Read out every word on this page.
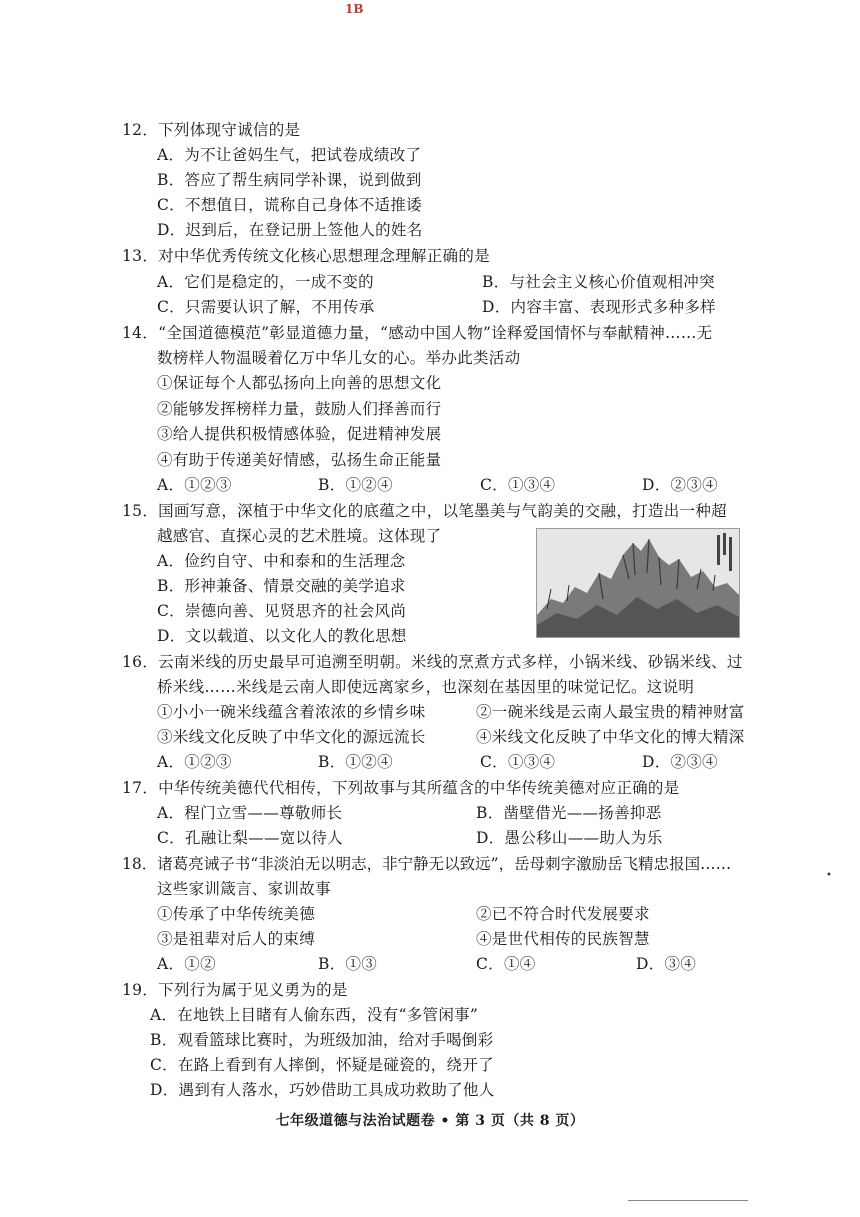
1B
12．下列体现守诚信的是
A．为不让爸妈生气，把试卷成绩改了
B．答应了帮生病同学补课，说到做到
C．不想值日，谎称自己身体不适推诿
D．迟到后，在登记册上签他人的姓名
13．对中华优秀传统文化核心思想理念理解正确的是
A．它们是稳定的，一成不变的	B．与社会主义核心价值观相冲突
C．只需要认识了解，不用传承	D．内容丰富、表现形式多种多样
14．“全国道德模范”彰显道德力量，“感动中国人物”诠释爱国情怀与奉献精神……无
数榜样人物温暖着亿万中华儿女的心。举办此类活动
①保证每个人都弘扬向上向善的思想文化
②能够发挥榜样力量，鼓励人们择善而行
③给人提供积极情感体验，促进精神发展
④有助于传递美好情感，弘扬生命正能量
A．①②③	B．①②④	C．①③④	D．②③④
15．国画写意，深植于中华文化的底蕴之中，以笔墨美与气韵美的交融，打造出一种超
越感官、直探心灵的艺术胜境。这体现了
A．俭约自守、中和泰和的生活理念
B．形神兼备、情景交融的美学追求
C．崇德向善、见贤思齐的社会风尚
D．文以载道、以文化人的教化思想
16．云南米线的历史最早可追溯至明朝。米线的烹煮方式多样，小锅米线、砂锅米线、过
桥米线……米线是云南人即使远离家乡，也深刻在基因里的味觉记忆。这说明
①小小一碗米线蕴含着浓浓的乡情乡味	②一碗米线是云南人最宝贵的精神财富
③米线文化反映了中华文化的源远流长	④米线文化反映了中华文化的博大精深
A．①②③	B．①②④	C．①③④	D．②③④
17．中华传统美德代代相传，下列故事与其所蕴含的中华传统美德对应正确的是
A．程门立雪——尊敬师长	B．凿壁借光——扬善抑恶
C．孔融让梨——宽以待人	D．愚公移山——助人为乐
18．诸葛亮诫子书“非淡泊无以明志，非宁静无以致远”，岳母刺字激励岳飞精忠报国……
这些家训箴言、家训故事
①传承了中华传统美德	②已不符合时代发展要求
③是祖辈对后人的束缚	④是世代相传的民族智慧
A．①②	B．①③	C．①④	D．③④
19．下列行为属于见义勇为的是
A．在地铁上目睹有人偷东西，没有“多管闲事”
B．观看篮球比赛时，为班级加油，给对手喝倒彩
C．在路上看到有人摔倒，怀疑是碰瓷的，绕开了
D．遇到有人落水，巧妙借助工具成功救助了他人
七年级道德与法治试题卷 • 第 3 页（共 8 页）
•
